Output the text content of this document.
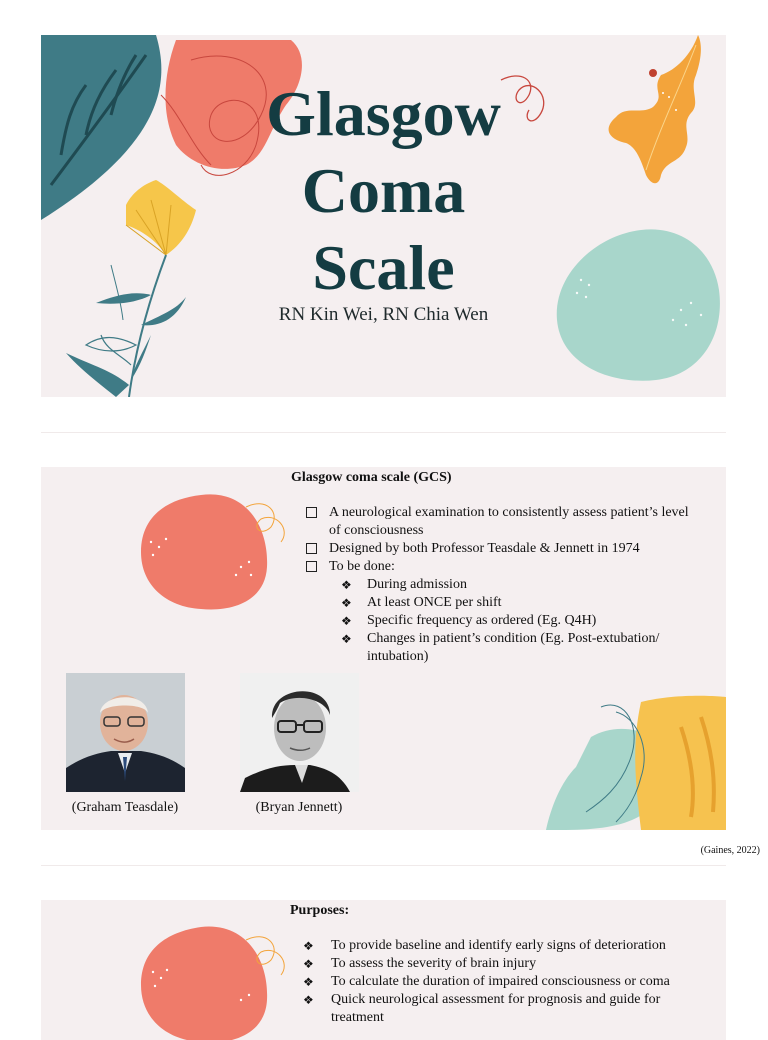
Glasgow
Coma
Scale
RN Kin Wei, RN Chia Wen
Glasgow coma scale (GCS)
A neurological examination to consistently assess patient’s level of consciousness
Designed by both Professor Teasdale & Jennett in 1974
To be done:
❖ During admission
❖ At least ONCE per shift
❖ Specific frequency as ordered (Eg. Q4H)
❖ Changes in patient’s condition (Eg. Post-extubation/ intubation)
(Graham Teasdale)	(Bryan Jennett)
(Gaines, 2022)
Purposes:
❖ To provide baseline and identify early signs of deterioration
❖ To assess the severity of brain injury
❖ To calculate the duration of impaired consciousness or coma
❖ Quick neurological assessment for prognosis and guide for treatment
